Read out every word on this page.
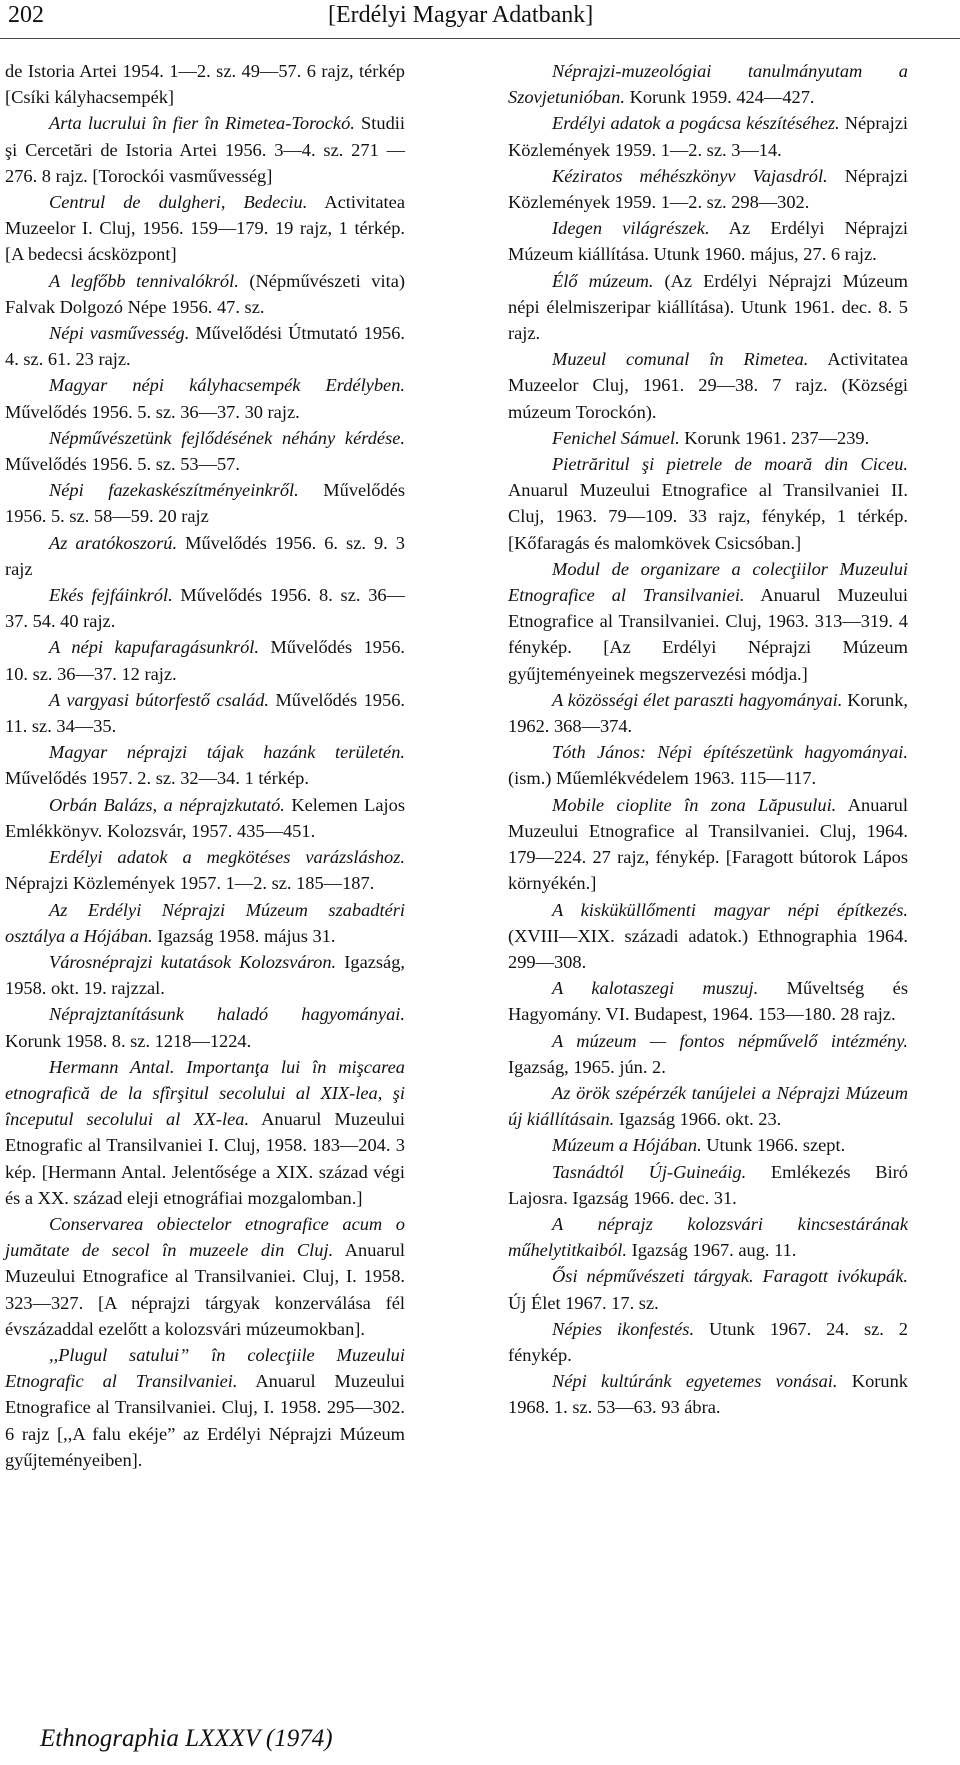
202	[Erdélyi Magyar Adatbank]

de Istoria Artei 1954. 1—2. sz. 49—57. 6 rajz, térkép [Csíki kályhacsempék]

Arta lucrului în fier în Rimetea-Torockó. Studii şi Cercetări de Istoria Artei 1956. 3—4. sz. 271 — 276. 8 rajz. [Torockói vasművesség]

Centrul de dulgheri, Bedeciu. Activitatea Muzeelor I. Cluj, 1956. 159—179. 19 rajz, 1 térkép. [A bedecsi ácsközpont]

A legfőbb tennivalókról. (Népművészeti vita) Falvak Dolgozó Népe 1956. 47. sz.

Népi vasművesség. Művelődési Útmutató 1956. 4. sz. 61. 23 rajz.

Magyar népi kályhacsempék Erdélyben. Művelődés 1956. 5. sz. 36—37. 30 rajz.

Népművészetünk fejlődésének néhány kérdése. Művelődés 1956. 5. sz. 53—57.

Népi fazekaskészítményeinkről. Művelődés 1956. 5. sz. 58—59. 20 rajz

Az aratókoszorú. Művelődés 1956. 6. sz. 9. 3 rajz

Ekés fejfáinkról. Művelődés 1956. 8. sz. 36—37. 54. 40 rajz.

A népi kapufaragásunkról. Művelődés 1956. 10. sz. 36—37. 12 rajz.

A vargyasi bútorfestő család. Művelődés 1956. 11. sz. 34—35.

Magyar néprajzi tájak hazánk területén. Művelődés 1957. 2. sz. 32—34. 1 térkép.

Orbán Balázs, a néprajzkutató. Kelemen Lajos Emlékkönyv. Kolozsvár, 1957. 435—451.

Erdélyi adatok a megkötéses varázsláshoz. Néprajzi Közlemények 1957. 1—2. sz. 185—187.

Az Erdélyi Néprajzi Múzeum szabadtéri osztálya a Hójában. Igazság 1958. május 31.

Városnéprajzi kutatások Kolozsváron. Igazság, 1958. okt. 19. rajzzal.

Néprajztanításunk haladó hagyományai. Korunk 1958. 8. sz. 1218—1224.

Hermann Antal. Importanţa lui în mişcarea etnografică de la sfîrşitul secolului al XIX-lea, şi începutul secolului al XX-lea. Anuarul Muzeului Etnografic al Transilvaniei I. Cluj, 1958. 183—204. 3 kép. [Hermann Antal. Jelentősége a XIX. század végi és a XX. század eleji etnográfiai mozgalomban.]

Conservarea obiectelor etnografice acum o jumătate de secol în muzeele din Cluj. Anuarul Muzeului Etnografice al Transilvaniei. Cluj, I. 1958. 323—327. [A néprajzi tárgyak konzerválása fél évszázaddal ezelőtt a kolozsvári múzeumokban].

,,Plugul satului” în colecţiile Muzeului Etnografic al Transilvaniei. Anuarul Muzeului Etnografice al Transilvaniei. Cluj, I. 1958. 295—302. 6 rajz [,,A falu ekéje” az Erdélyi Néprajzi Múzeum gyűjteményeiben].

Néprajzi-muzeológiai tanulmányutam a Szovjetunióban. Korunk 1959. 424—427.

Erdélyi adatok a pogácsa készítéséhez. Néprajzi Közlemények 1959. 1—2. sz. 3—14.

Kéziratos méhészkönyv Vajasdról. Néprajzi Közlemények 1959. 1—2. sz. 298—302.

Idegen világrészek. Az Erdélyi Néprajzi Múzeum kiállítása. Utunk 1960. május, 27. 6 rajz.

Élő múzeum. (Az Erdélyi Néprajzi Múzeum népi élelmiszeripar kiállítása). Utunk 1961. dec. 8. 5 rajz.

Muzeul comunal în Rimetea. Activitatea Muzeelor Cluj, 1961. 29—38. 7 rajz. (Községi múzeum Torockón).

Fenichel Sámuel. Korunk 1961. 237—239.

Pietrăritul şi pietrele de moară din Ciceu. Anuarul Muzeului Etnografice al Transilvaniei II. Cluj, 1963. 79—109. 33 rajz, fénykép, 1 térkép. [Kőfaragás és malomkövek Csicsóban.]

Modul de organizare a colecţiilor Muzeului Etnografice al Transilvaniei. Anuarul Muzeului Etnografice al Transilvaniei. Cluj, 1963. 313—319. 4 fénykép. [Az Erdélyi Néprajzi Múzeum gyűjteményeinek megszervezési módja.]

A közösségi élet paraszti hagyományai. Korunk, 1962. 368—374.

Tóth János: Népi építészetünk hagyományai. (ism.) Műemlékvédelem 1963. 115—117.

Mobile cioplite în zona Lăpusului. Anuarul Muzeului Etnografice al Transilvaniei. Cluj, 1964. 179—224. 27 rajz, fénykép. [Faragott bútorok Lápos környékén.]

A kisküküllőmenti magyar népi építkezés. (XVIII—XIX. századi adatok.) Ethnographia 1964. 299—308.

A kalotaszegi muszuj. Műveltség és Hagyomány. VI. Budapest, 1964. 153—180. 28 rajz.

A múzeum — fontos népművelő intézmény. Igazság, 1965. jún. 2.

Az örök szépérzék tanújelei a Néprajzi Múzeum új kiállításain. Igazság 1966. okt. 23.

Múzeum a Hójában. Utunk 1966. szept.

Tasnádtól Új-Guineáig. Emlékezés Biró Lajosra. Igazság 1966. dec. 31.

A néprajz kolozsvári kincsestárának műhelytitkaiból. Igazság 1967. aug. 11.

Ősi népművészeti tárgyak. Faragott ivókupák. Új Élet 1967. 17. sz.

Népies ikonfestés. Utunk 1967. 24. sz. 2 fénykép.

Népi kultúránk egyetemes vonásai. Korunk 1968. 1. sz. 53—63. 93 ábra.

Ethnographia LXXXV (1974)
